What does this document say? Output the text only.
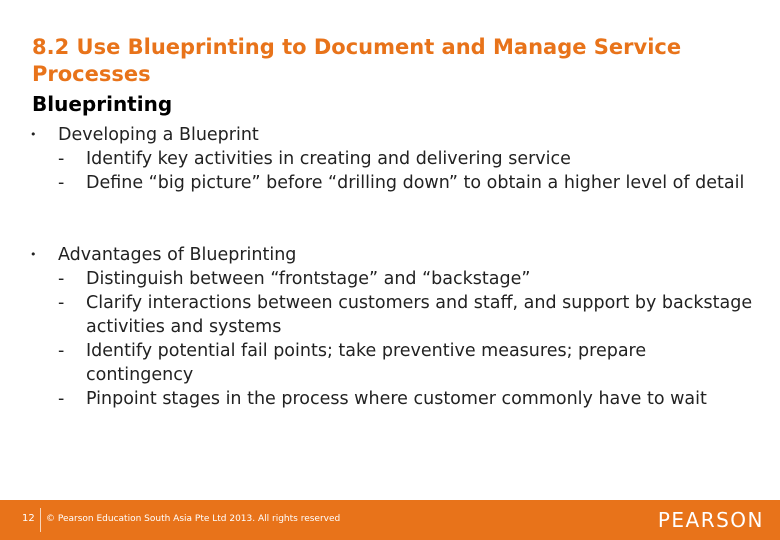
8.2 Use Blueprinting to Document and Manage Service Processes
Blueprinting
•	Developing a Blueprint
-	Identify key activities in creating and delivering service
-	Define “big picture” before “drilling down” to obtain a higher level of detail
•	Advantages of Blueprinting
-	Distinguish between “frontstage” and “backstage”
-	Clarify interactions between customers and staff, and support by backstage activities and systems
-	Identify potential fail points; take preventive measures; prepare contingency
-	Pinpoint stages in the process where customer commonly have to wait
12 © Pearson Education South Asia Pte Ltd 2013. All rights reserved	PEARSON
